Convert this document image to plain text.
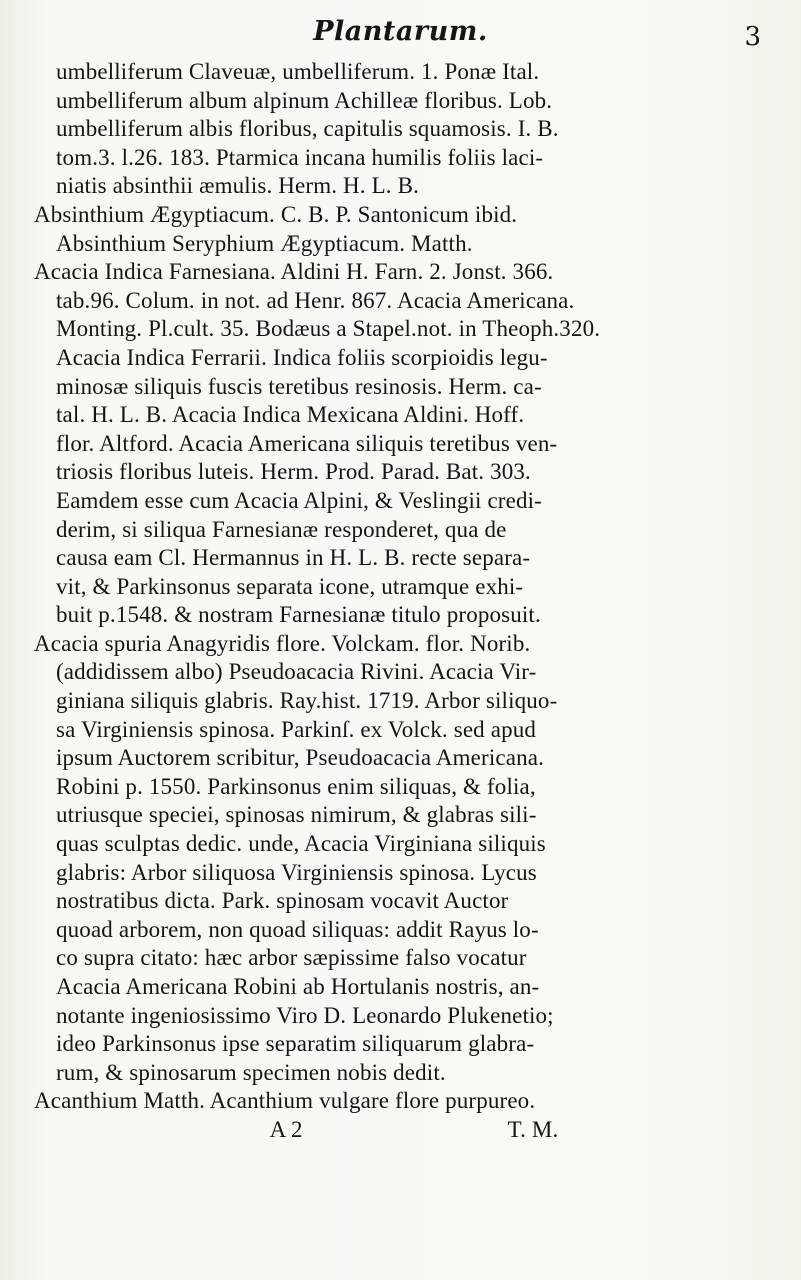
Plantarum.	3
umbelliferum Claveuæ, umbelliferum. 1. Ponæ Ital.
umbelliferum album alpinum Achilleæ floribus. Lob.
umbelliferum albis floribus, capitulis squamosis. I. B.
tom.3. l.26. 183. Ptarmica incana humilis foliis laci-
niatis absinthii æmulis. Herm. H. L. B.
Absinthium Ægyptiacum. C. B. P. Santonicum ibid.
Absinthium Seryphium Ægyptiacum. Matth.
Acacia Indica Farnesiana. Aldini H. Farn. 2. Jonst. 366.
tab.96. Colum. in not. ad Henr. 867. Acacia Americana.
Monting. Pl.cult. 35. Bodæus a Stapel.not. in Theoph.320.
Acacia Indica Ferrarii. Indica foliis scorpioidis legu-
minosæ siliquis fuscis teretibus resinosis. Herm. ca-
tal. H. L. B. Acacia Indica Mexicana Aldini. Hoff.
flor. Altford. Acacia Americana siliquis teretibus ven-
triosis floribus luteis. Herm. Prod. Parad. Bat. 303.
Eamdem esse cum Acacia Alpini, & Veslingii credi-
derim, si siliqua Farnesianæ responderet, qua de
causa eam Cl. Hermannus in H. L. B. recte separa-
vit, & Parkinsonus separata icone, utramque exhi-
buit p.1548. & nostram Farnesianæ titulo proposuit.
Acacia spuria Anagyridis flore. Volckam. flor. Norib.
(addidissem albo) Pseudoacacia Rivini. Acacia Vir-
giniana siliquis glabris. Ray.hist. 1719. Arbor siliquo-
sa Virginiensis spinosa. Parkinſ. ex Volck. sed apud
ipsum Auctorem scribitur, Pseudoacacia Americana.
Robini p. 1550. Parkinsonus enim siliquas, & folia,
utriusque speciei, spinosas nimirum, & glabras sili-
quas sculptas dedic. unde, Acacia Virginiana siliquis
glabris: Arbor siliquosa Virginiensis spinosa. Lycus
nostratibus dicta. Park. spinosam vocavit Auctor
quoad arborem, non quoad siliquas: addit Rayus lo-
co supra citato: hæc arbor sæpissime falso vocatur
Acacia Americana Robini ab Hortulanis nostris, an-
notante ingeniosissimo Viro D. Leonardo Plukenetio;
ideo Parkinsonus ipse separatim siliquarum glabra-
rum, & spinosarum specimen nobis dedit.
Acanthium Matth. Acanthium vulgare flore purpureo.
A 2	T. M.
